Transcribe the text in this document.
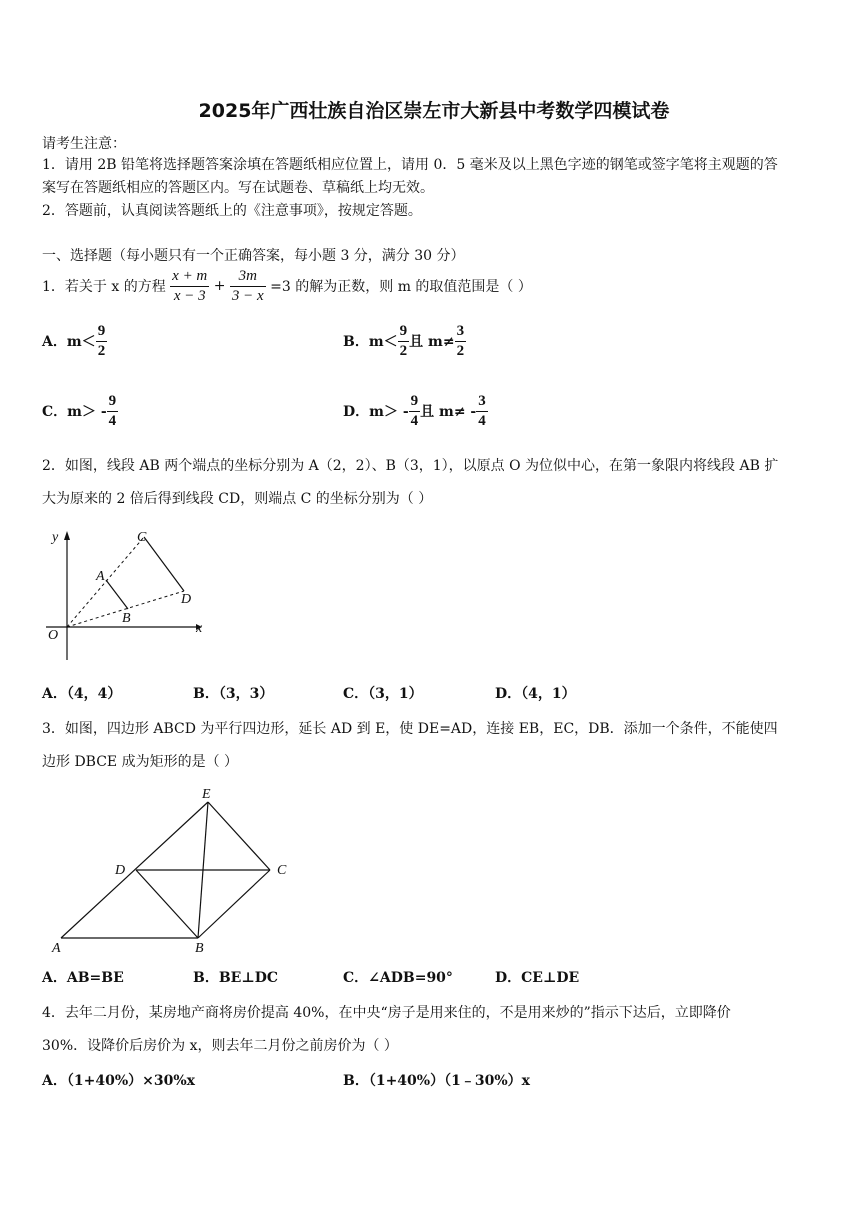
2025年广西壮族自治区崇左市大新县中考数学四模试卷
请考生注意：
1．请用 2B 铅笔将选择题答案涂填在答题纸相应位置上，请用 0．5 毫米及以上黑色字迹的钢笔或签字笔将主观题的答
案写在答题纸相应的答题区内。写在试题卷、草稿纸上均无效。
2．答题前，认真阅读答题纸上的《注意事项》，按规定答题。
一、选择题（每小题只有一个正确答案，每小题 3 分，满分 30 分）
1．若关于 x 的方程 $\frac{x + m}{x - 3} + \frac{3m}{3 - x} =3$ 的解为正数，则 m 的取值范围是（ ）
A．$m< \frac{9}{2}$	B．$m< \frac{9}{2}$ 且 $m\ne \frac{3}{2}$
C．$m> - \frac{9}{4}$	D．$m> - \frac{9}{4}$ 且 $m\ne - \frac{3}{4}$
2．如图，线段 AB 两个端点的坐标分别为 A（2，2）、B（3，1），以原点 O 为位似中心，在第一象限内将线段 AB 扩
大为原来的 2 倍后得到线段 CD，则端点 C 的坐标分别为（ ）
y
x
O
A
B
C
D
A．（4，4）	B．（3，3）	C．（3，1）	D．（4，1）
3．如图，四边形 ABCD 为平行四边形，延长 AD 到 E，使 DE=AD，连接 EB，EC，DB．添加一个条件，不能使四
边形 DBCE 成为矩形的是（ ）
E
D	C
A	B
A．AB=BE	B．BE⊥DC	C．∠ADB=90°	D．CE⊥DE
4．去年二月份，某房地产商将房价提高 40%，在中央“房子是用来住的，不是用来炒的”指示下达后，立即降价
30%．设降价后房价为 x，则去年二月份之前房价为（ ）
A．（1+40%）×30%x	B．（1+40%）（1﹣30%）x
